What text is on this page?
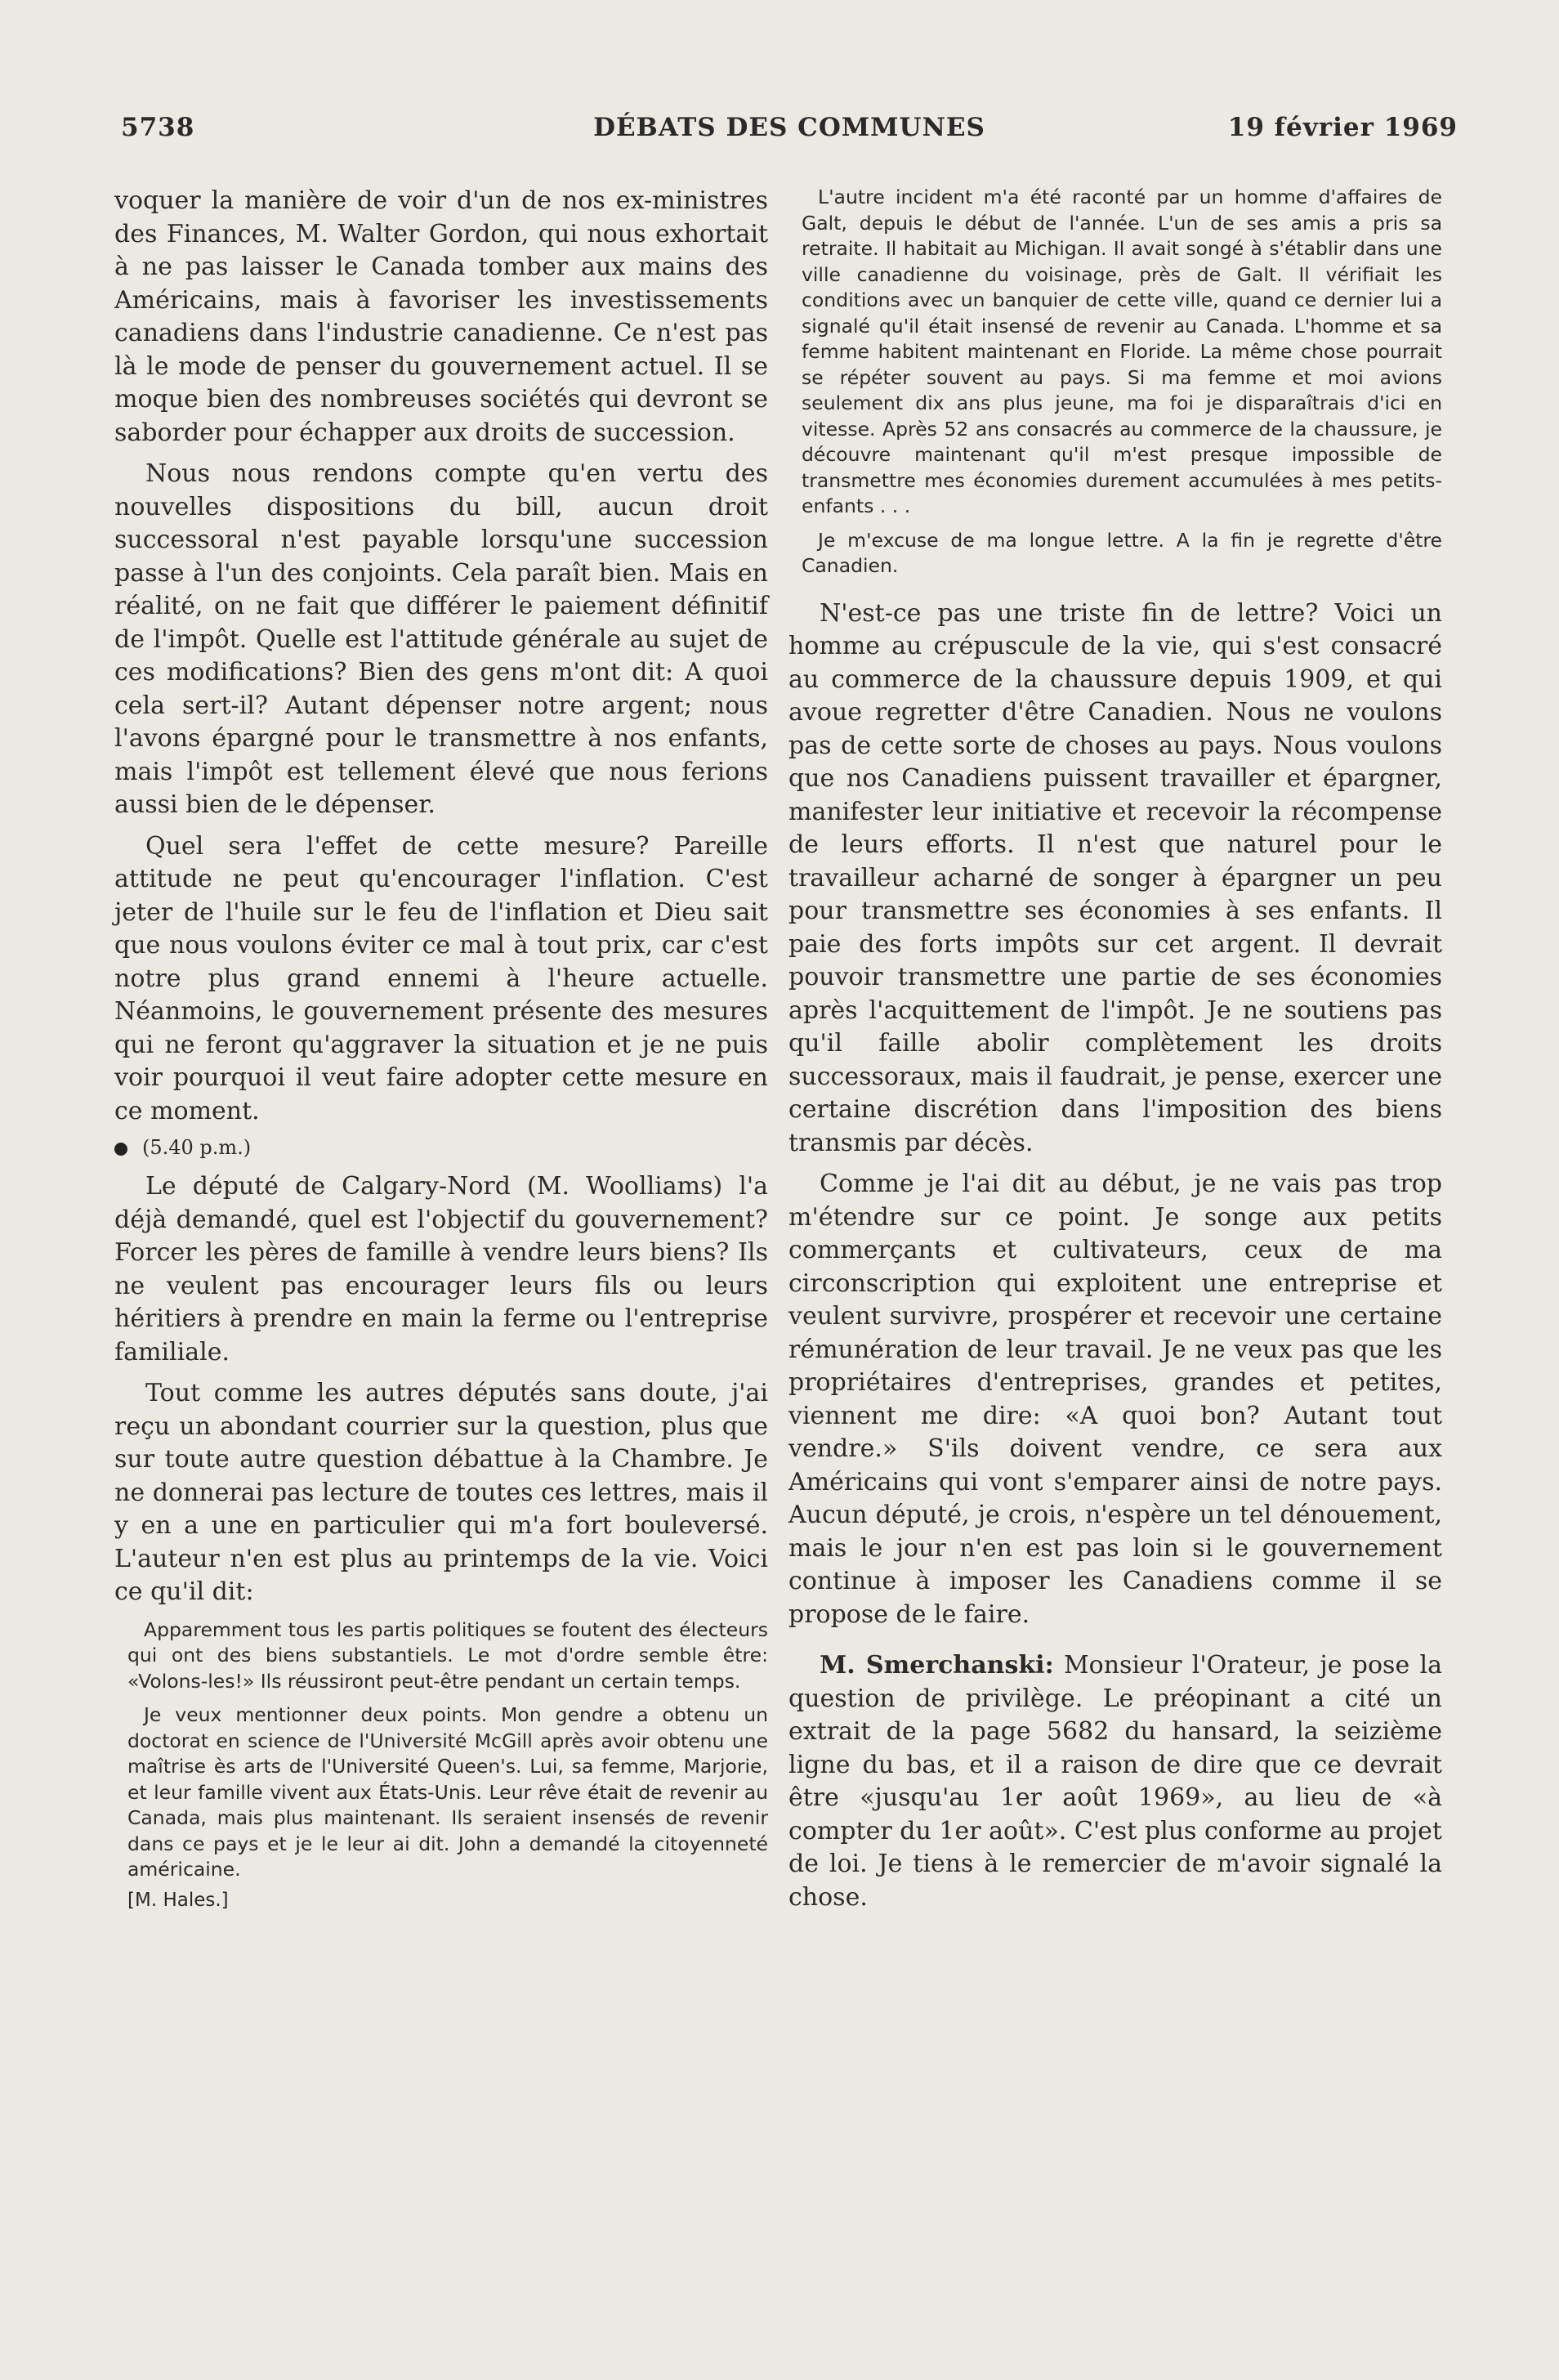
5738	DÉBATS DES COMMUNES	19 février 1969

voquer la manière de voir d'un de nos ex-ministres des Finances, M. Walter Gordon, qui nous exhortait à ne pas laisser le Canada tomber aux mains des Américains, mais à favoriser les investissements canadiens dans l'industrie canadienne. Ce n'est pas là le mode de penser du gouvernement actuel. Il se moque bien des nombreuses sociétés qui devront se saborder pour échapper aux droits de succession.

Nous nous rendons compte qu'en vertu des nouvelles dispositions du bill, aucun droit successoral n'est payable lorsqu'une succession passe à l'un des conjoints. Cela paraît bien. Mais en réalité, on ne fait que différer le paiement définitif de l'impôt. Quelle est l'attitude générale au sujet de ces modifications? Bien des gens m'ont dit: A quoi cela sert-il? Autant dépenser notre argent; nous l'avons épargné pour le transmettre à nos enfants, mais l'impôt est tellement élevé que nous ferions aussi bien de le dépenser.

Quel sera l'effet de cette mesure? Pareille attitude ne peut qu'encourager l'inflation. C'est jeter de l'huile sur le feu de l'inflation et Dieu sait que nous voulons éviter ce mal à tout prix, car c'est notre plus grand ennemi à l'heure actuelle. Néanmoins, le gouvernement présente des mesures qui ne feront qu'aggraver la situation et je ne puis voir pourquoi il veut faire adopter cette mesure en ce moment.

(5.40 p.m.)

Le député de Calgary-Nord (M. Woolliams) l'a déjà demandé, quel est l'objectif du gouvernement? Forcer les pères de famille à vendre leurs biens? Ils ne veulent pas encourager leurs fils ou leurs héritiers à prendre en main la ferme ou l'entreprise familiale.

Tout comme les autres députés sans doute, j'ai reçu un abondant courrier sur la question, plus que sur toute autre question débattue à la Chambre. Je ne donnerai pas lecture de toutes ces lettres, mais il y en a une en particulier qui m'a fort bouleversé. L'auteur n'en est plus au printemps de la vie. Voici ce qu'il dit:

Apparemment tous les partis politiques se foutent des électeurs qui ont des biens substantiels. Le mot d'ordre semble être: «Volons-les!» Ils réussiront peut-être pendant un certain temps.

Je veux mentionner deux points. Mon gendre a obtenu un doctorat en science de l'Université McGill après avoir obtenu une maîtrise ès arts de l'Université Queen's. Lui, sa femme, Marjorie, et leur famille vivent aux États-Unis. Leur rêve était de revenir au Canada, mais plus maintenant. Ils seraient insensés de revenir dans ce pays et je le leur ai dit. John a demandé la citoyenneté américaine.

[M. Hales.]

L'autre incident m'a été raconté par un homme d'affaires de Galt, depuis le début de l'année. L'un de ses amis a pris sa retraite. Il habitait au Michigan. Il avait songé à s'établir dans une ville canadienne du voisinage, près de Galt. Il vérifiait les conditions avec un banquier de cette ville, quand ce dernier lui a signalé qu'il était insensé de revenir au Canada. L'homme et sa femme habitent maintenant en Floride. La même chose pourrait se répéter souvent au pays. Si ma femme et moi avions seulement dix ans plus jeune, ma foi je disparaîtrais d'ici en vitesse. Après 52 ans consacrés au commerce de la chaussure, je découvre maintenant qu'il m'est presque impossible de transmettre mes économies durement accumulées à mes petits-enfants . . .

Je m'excuse de ma longue lettre. A la fin je regrette d'être Canadien.

N'est-ce pas une triste fin de lettre? Voici un homme au crépuscule de la vie, qui s'est consacré au commerce de la chaussure depuis 1909, et qui avoue regretter d'être Canadien. Nous ne voulons pas de cette sorte de choses au pays. Nous voulons que nos Canadiens puissent travailler et épargner, manifester leur initiative et recevoir la récompense de leurs efforts. Il n'est que naturel pour le travailleur acharné de songer à épargner un peu pour transmettre ses économies à ses enfants. Il paie des forts impôts sur cet argent. Il devrait pouvoir transmettre une partie de ses économies après l'acquittement de l'impôt. Je ne soutiens pas qu'il faille abolir complètement les droits successoraux, mais il faudrait, je pense, exercer une certaine discrétion dans l'imposition des biens transmis par décès.

Comme je l'ai dit au début, je ne vais pas trop m'étendre sur ce point. Je songe aux petits commerçants et cultivateurs, ceux de ma circonscription qui exploitent une entreprise et veulent survivre, prospérer et recevoir une certaine rémunération de leur travail. Je ne veux pas que les propriétaires d'entreprises, grandes et petites, viennent me dire: «A quoi bon? Autant tout vendre.» S'ils doivent vendre, ce sera aux Américains qui vont s'emparer ainsi de notre pays. Aucun député, je crois, n'espère un tel dénouement, mais le jour n'en est pas loin si le gouvernement continue à imposer les Canadiens comme il se propose de le faire.

M. Smerchanski: Monsieur l'Orateur, je pose la question de privilège. Le préopinant a cité un extrait de la page 5682 du hansard, la seizième ligne du bas, et il a raison de dire que ce devrait être «jusqu'au 1er août 1969», au lieu de «à compter du 1er août». C'est plus conforme au projet de loi. Je tiens à le remercier de m'avoir signalé la chose.
